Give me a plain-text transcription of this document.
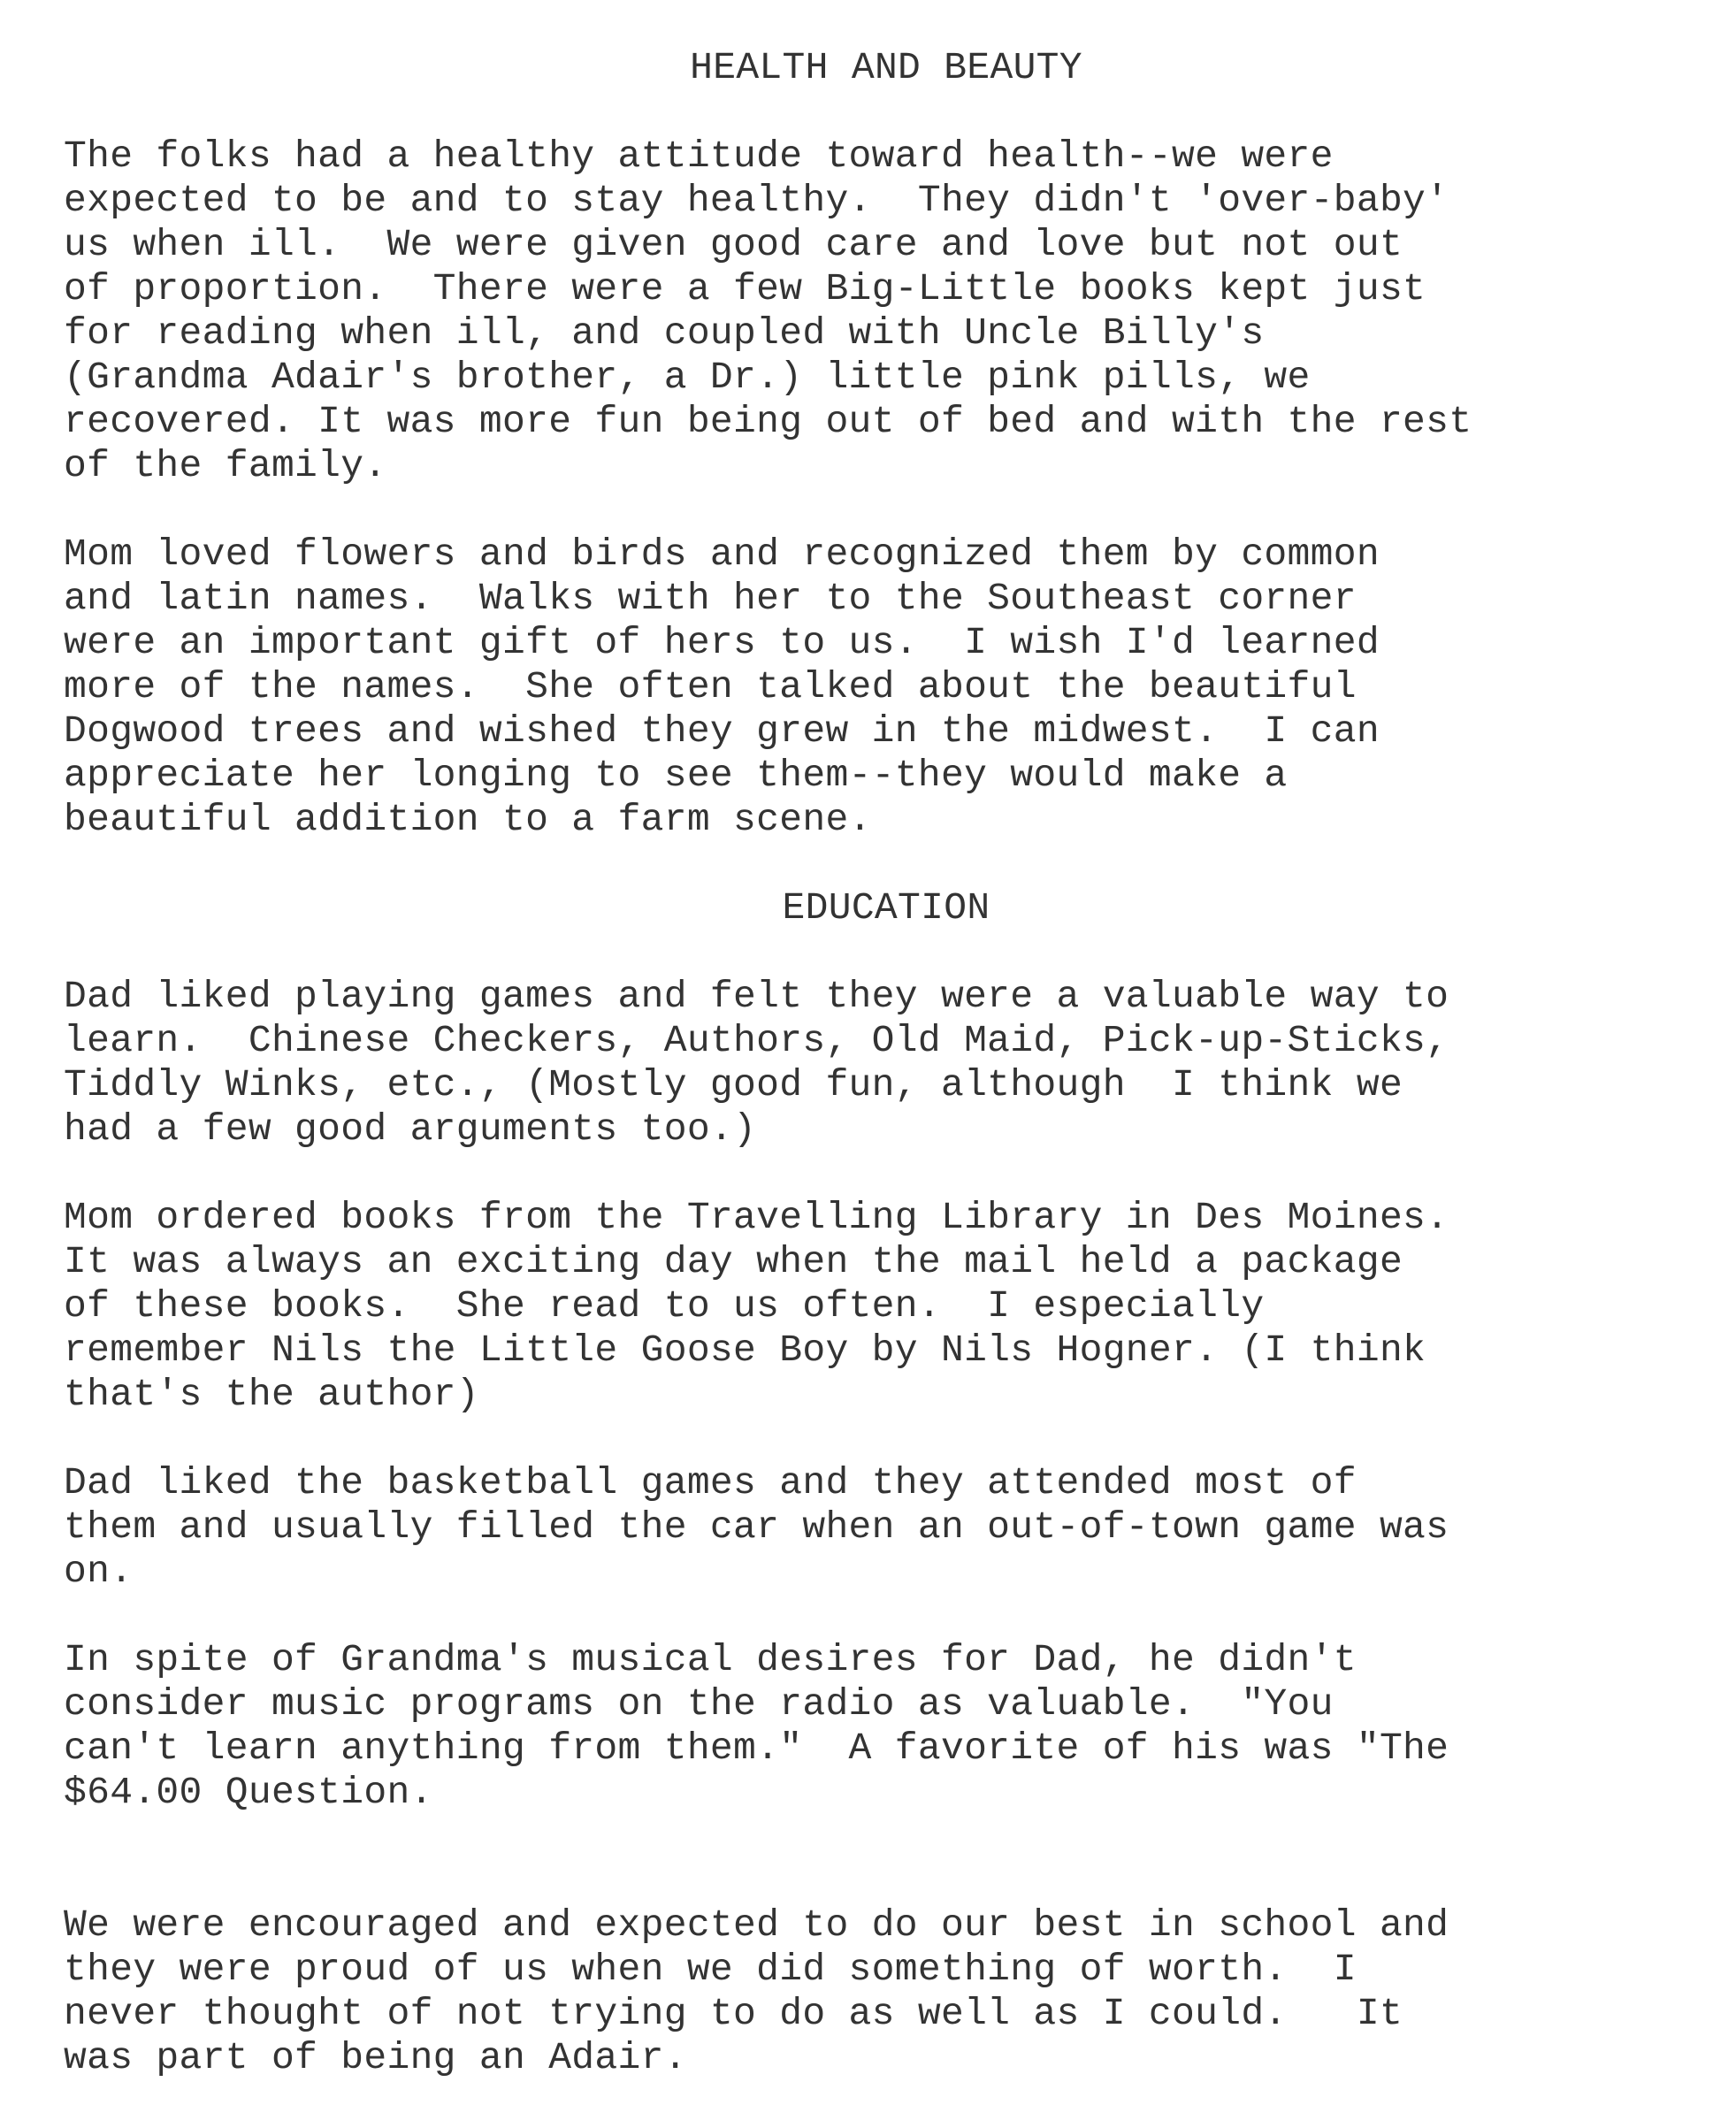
HEALTH AND BEAUTY
The folks had a healthy attitude toward health--we were
expected to be and to stay healthy.  They didn't 'over-baby'
us when ill.  We were given good care and love but not out
of proportion.  There were a few Big-Little books kept just
for reading when ill, and coupled with Uncle Billy's
(Grandma Adair's brother, a Dr.) little pink pills, we
recovered. It was more fun being out of bed and with the rest
of the family.
Mom loved flowers and birds and recognized them by common
and latin names.  Walks with her to the Southeast corner
were an important gift of hers to us.  I wish I'd learned
more of the names.  She often talked about the beautiful
Dogwood trees and wished they grew in the midwest.  I can
appreciate her longing to see them--they would make a
beautiful addition to a farm scene.
EDUCATION
Dad liked playing games and felt they were a valuable way to
learn.  Chinese Checkers, Authors, Old Maid, Pick-up-Sticks,
Tiddly Winks, etc., (Mostly good fun, although  I think we
had a few good arguments too.)
Mom ordered books from the Travelling Library in Des Moines.
It was always an exciting day when the mail held a package
of these books.  She read to us often.  I especially
remember Nils the Little Goose Boy by Nils Hogner. (I think
that's the author)
Dad liked the basketball games and they attended most of
them and usually filled the car when an out-of-town game was
on.
In spite of Grandma's musical desires for Dad, he didn't
consider music programs on the radio as valuable.  "You
can't learn anything from them."  A favorite of his was "The
$64.00 Question.
We were encouraged and expected to do our best in school and
they were proud of us when we did something of worth.  I
never thought of not trying to do as well as I could.   It
was part of being an Adair.
